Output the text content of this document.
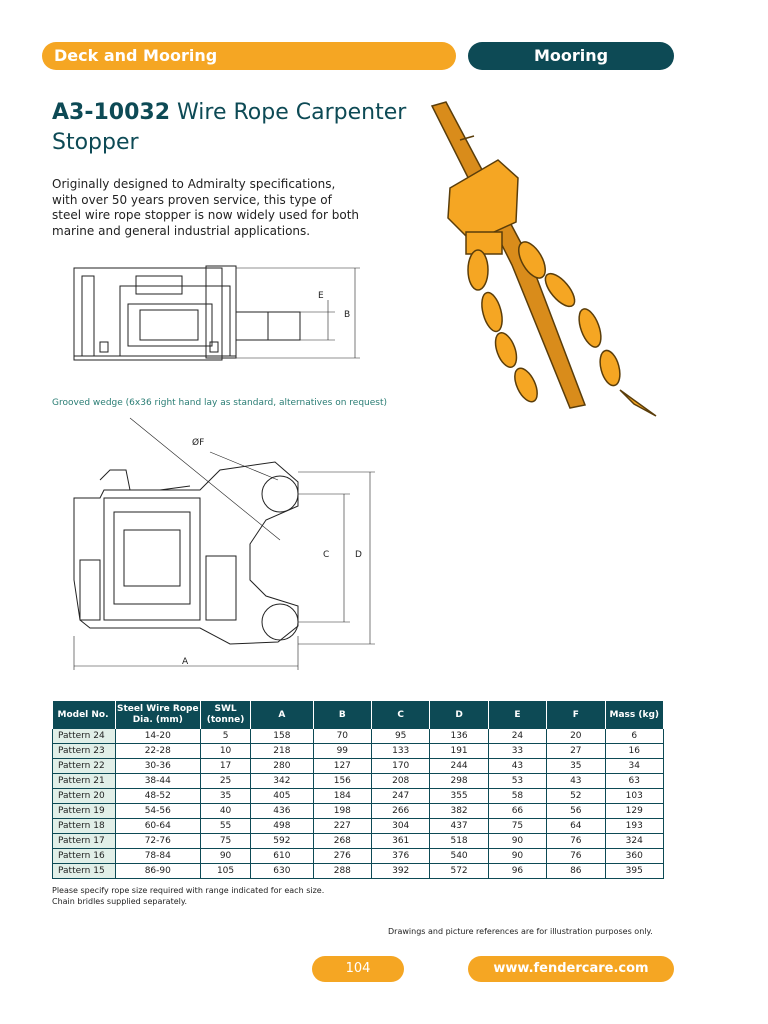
Deck and Mooring	Mooring
A3-10032 Wire Rope Carpenter Stopper
Originally designed to Admiralty specifications, with over 50 years proven service, this type of steel wire rope stopper is now widely used for both marine and general industrial applications.
E
B
Grooved wedge (6x36 right hand lay as standard, alternatives on request)
ØF
C	D
A
Model No.	Steel Wire Rope Dia. (mm)	SWL (tonne)	A	B	C	D	E	F	Mass (kg)
Pattern 24	14-20	5	158	70	95	136	24	20	6
Pattern 23	22-28	10	218	99	133	191	33	27	16
Pattern 22	30-36	17	280	127	170	244	43	35	34
Pattern 21	38-44	25	342	156	208	298	53	43	63
Pattern 20	48-52	35	405	184	247	355	58	52	103
Pattern 19	54-56	40	436	198	266	382	66	56	129
Pattern 18	60-64	55	498	227	304	437	75	64	193
Pattern 17	72-76	75	592	268	361	518	90	76	324
Pattern 16	78-84	90	610	276	376	540	90	76	360
Pattern 15	86-90	105	630	288	392	572	96	86	395
Please specify rope size required with range indicated for each size.
Chain bridles supplied separately.
Drawings and picture references are for illustration purposes only.
104	www.fendercare.com
